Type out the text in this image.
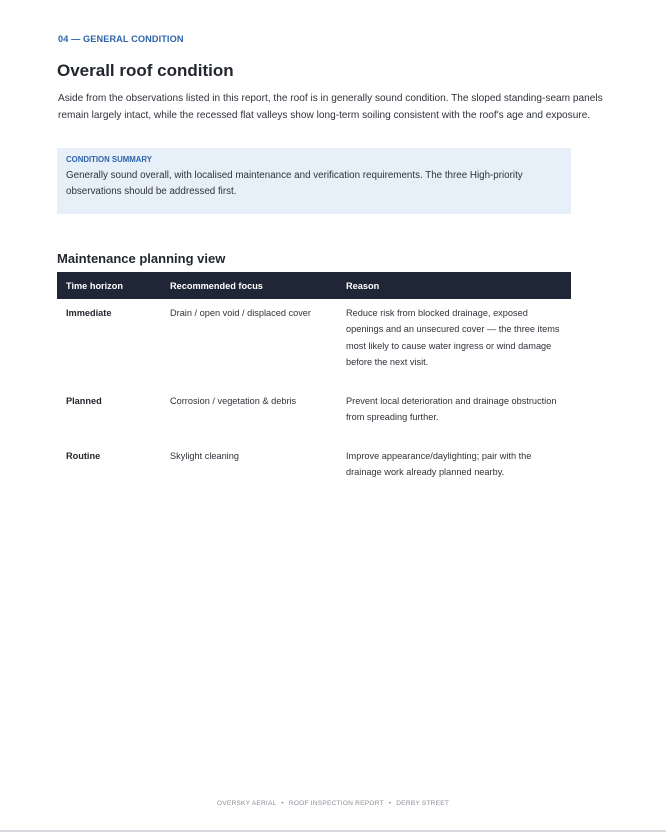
04 — GENERAL CONDITION
Overall roof condition

Aside from the observations listed in this report, the roof is in generally sound condition. The sloped standing-seam panels remain largely intact, while the recessed flat valleys show long-term soiling consistent with the roof's age and exposure.

CONDITION SUMMARY

Generally sound overall, with localised maintenance and verification requirements. The three High-priority observations should be addressed first.

Maintenance planning view
Time horizon	Recommended focus	Reason
Immediate	Drain / open void / displaced cover	Reduce risk from blocked drainage, exposed openings and an unsecured cover — the three items most likely to cause water ingress or wind damage before the next visit.
Planned	Corrosion / vegetation & debris	Prevent local deterioration and drainage obstruction from spreading further.
Routine	Skylight cleaning	Improve appearance/daylighting; pair with the drainage work already planned nearby.
OVERSKY AERIAL • ROOF INSPECTION REPORT • DERBY STREET
